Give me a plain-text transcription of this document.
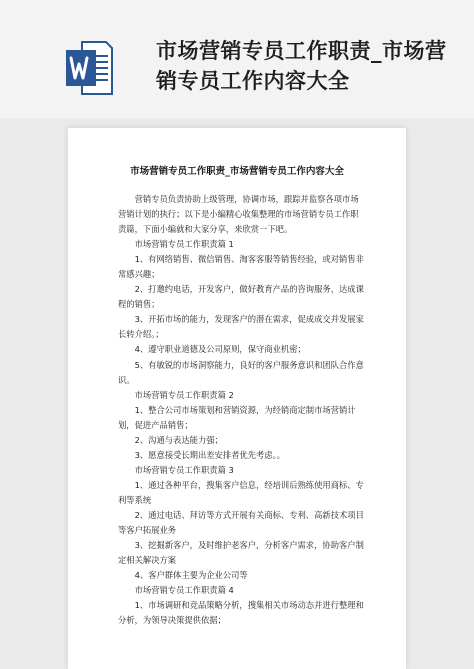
市场营销专员工作职责_市场营销专员工作内容大全
市场营销专员工作职责_市场营销专员工作内容大全

营销专员负责协助上级管理，协调市场，跟踪并监察各项市场营销计划的执行；以下是小编精心收集整理的市场营销专员工作职责篇，下面小编就和大家分享，来欣赏一下吧。

市场营销专员工作职责篇 1

1、有网络销售、微信销售、淘客客服等销售经验，或对销售非常感兴趣；

2、打邀约电话，开发客户，做好教育产品的咨询服务，达成课程的销售；

3、开拓市场的能力，发现客户的潜在需求，促成成交并发展家长转介绍。；

4、遵守职业道德及公司原则，保守商业机密；

5、有敏锐的市场洞察能力，良好的客户服务意识和团队合作意识。

市场营销专员工作职责篇 2

1、整合公司市场策划和营销资源，为经销商定制市场营销计划，促进产品销售；

2、沟通与表达能力强；

3、愿意接受长期出差安排者优先考虑。。

市场营销专员工作职责篇 3

1、通过各种平台，搜集客户信息，经培训后熟练使用商标、专利等系统

2、通过电话、拜访等方式开展有关商标、专利、高新技术项目等客户拓展业务

3、挖掘新客户，及时维护老客户，分析客户需求，协助客户制定相关解决方案

4、客户群体主要为企业公司等

市场营销专员工作职责篇 4

1、市场调研和竞品策略分析，搜集相关市场动态并进行整理和分析，为领导决策提供依据；
